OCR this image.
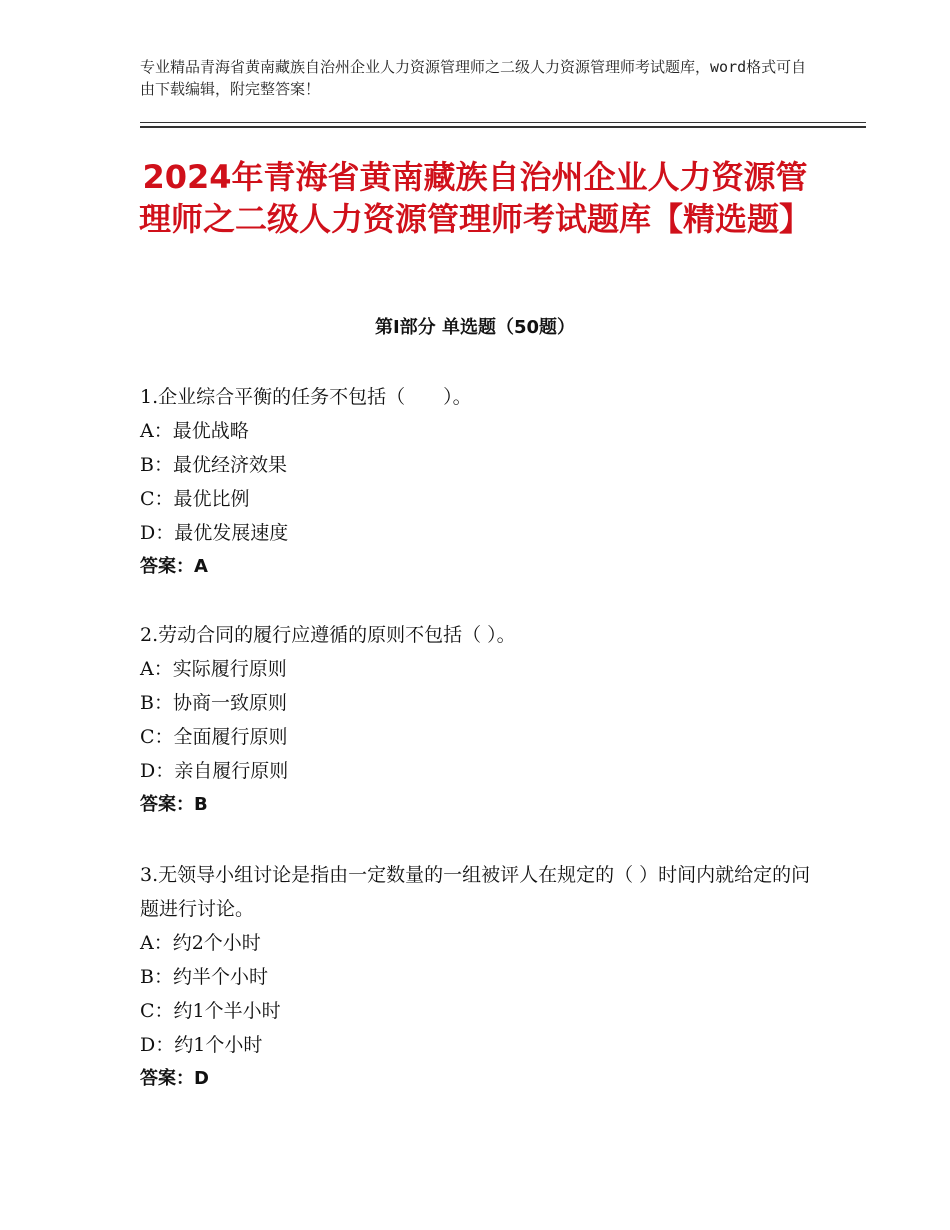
专业精品青海省黄南藏族自治州企业人力资源管理师之二级人力资源管理师考试题库，word格式可自由下载编辑，附完整答案！
2024年青海省黄南藏族自治州企业人力资源管理师之二级人力资源管理师考试题库【精选题】
第Ⅰ部分 单选题（50题）

1.企业综合平衡的任务不包括（　　）。

A：最优战略

B：最优经济效果

C：最优比例

D：最优发展速度

答案：A

2.劳动合同的履行应遵循的原则不包括（ ）。

A：实际履行原则

B：协商一致原则

C：全面履行原则

D：亲自履行原则

答案：B

3.无领导小组讨论是指由一定数量的一组被评人在规定的（ ）时间内就给定的问题进行讨论。

A：约2个小时

B：约半个小时

C：约1个半小时

D：约1个小时

答案：D
